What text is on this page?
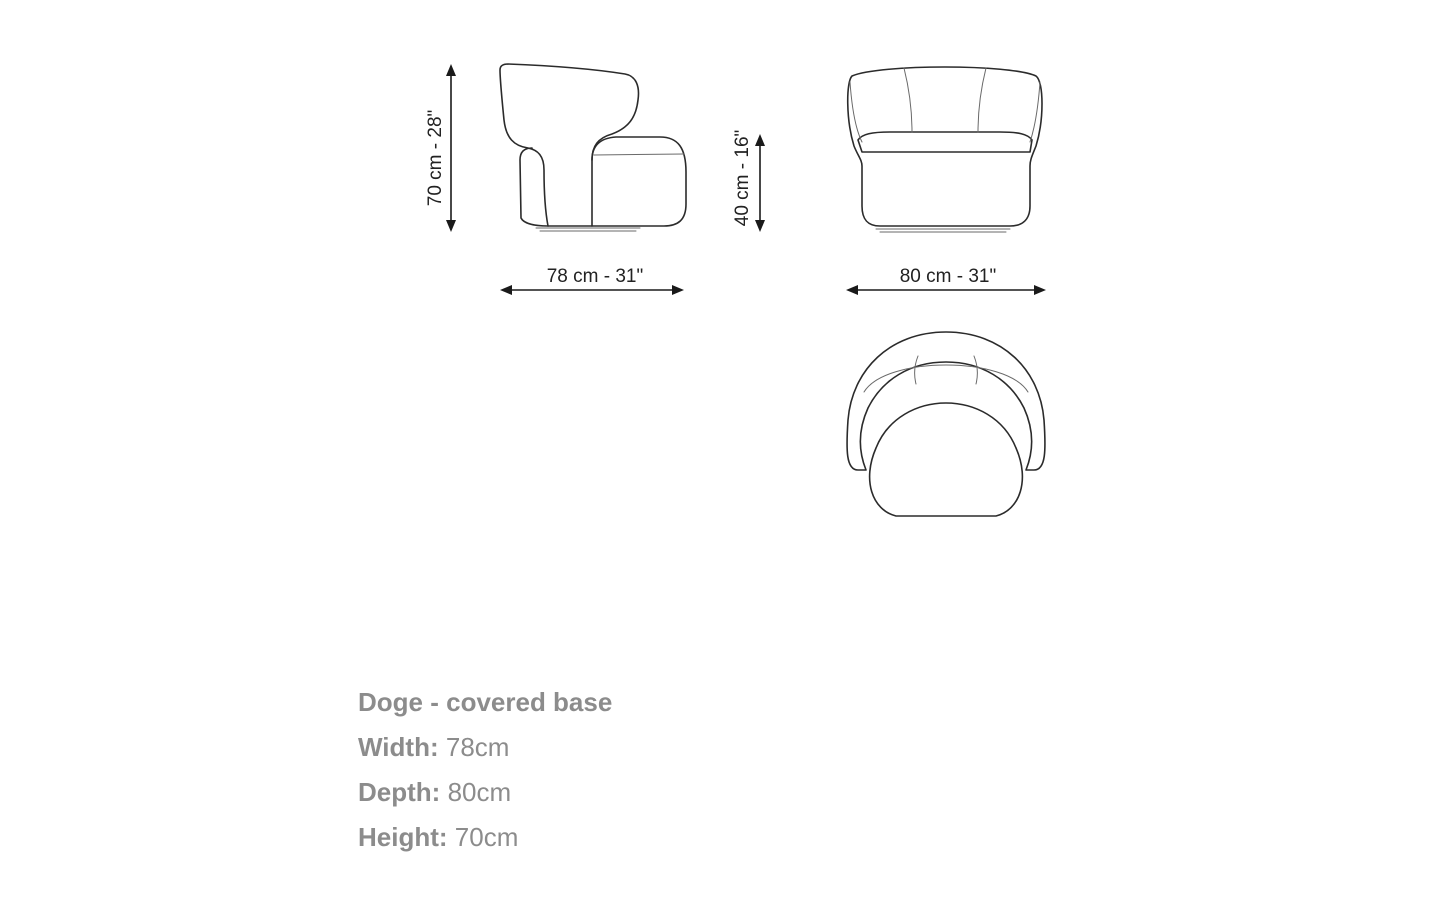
70 cm - 28"	40 cm - 16"
78 cm - 31"	80 cm - 31"
Doge - covered base
Width: 78cm
Depth: 80cm
Height: 70cm
